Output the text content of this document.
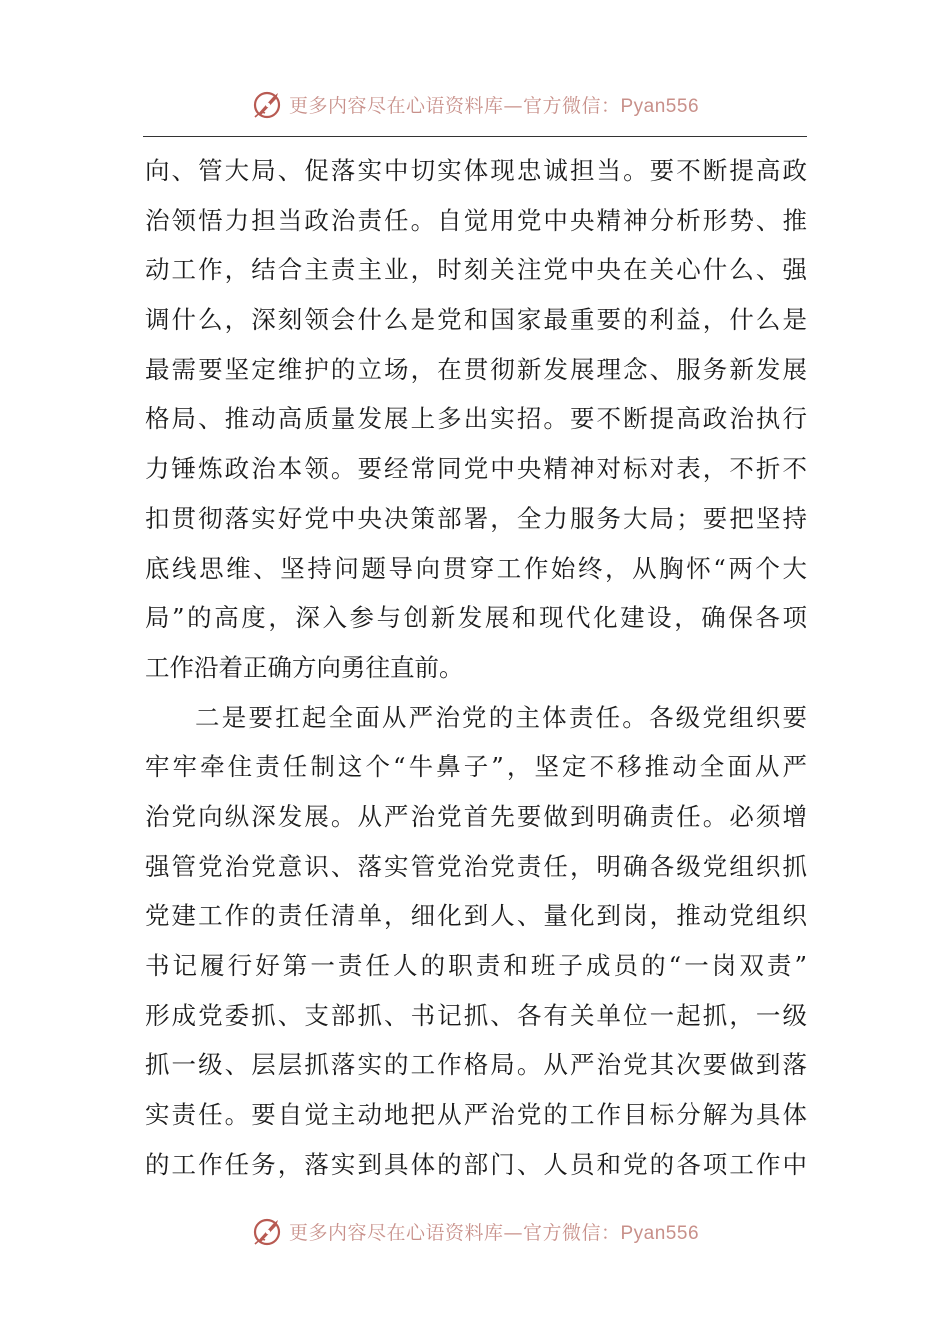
更多内容尽在心语资料库—官方微信：Pyan556
向、管大局、促落实中切实体现忠诚担当。要不断提高政
治领悟力担当政治责任。自觉用党中央精神分析形势、推
动工作，结合主责主业，时刻关注党中央在关心什么、强
调什么，深刻领会什么是党和国家最重要的利益，什么是
最需要坚定维护的立场，在贯彻新发展理念、服务新发展
格局、推动高质量发展上多出实招。要不断提高政治执行
力锤炼政治本领。要经常同党中央精神对标对表，不折不
扣贯彻落实好党中央决策部署，全力服务大局；要把坚持
底线思维、坚持问题导向贯穿工作始终，从胸怀“两个大
局”的高度，深入参与创新发展和现代化建设，确保各项
工作沿着正确方向勇往直前。
二是要扛起全面从严治党的主体责任。各级党组织要
牢牢牵住责任制这个“牛鼻子”，坚定不移推动全面从严
治党向纵深发展。从严治党首先要做到明确责任。必须增
强管党治党意识、落实管党治党责任，明确各级党组织抓
党建工作的责任清单，细化到人、量化到岗，推动党组织
书记履行好第一责任人的职责和班子成员的“一岗双责”
形成党委抓、支部抓、书记抓、各有关单位一起抓，一级
抓一级、层层抓落实的工作格局。从严治党其次要做到落
实责任。要自觉主动地把从严治党的工作目标分解为具体
的工作任务，落实到具体的部门、人员和党的各项工作中
更多内容尽在心语资料库—官方微信：Pyan556
